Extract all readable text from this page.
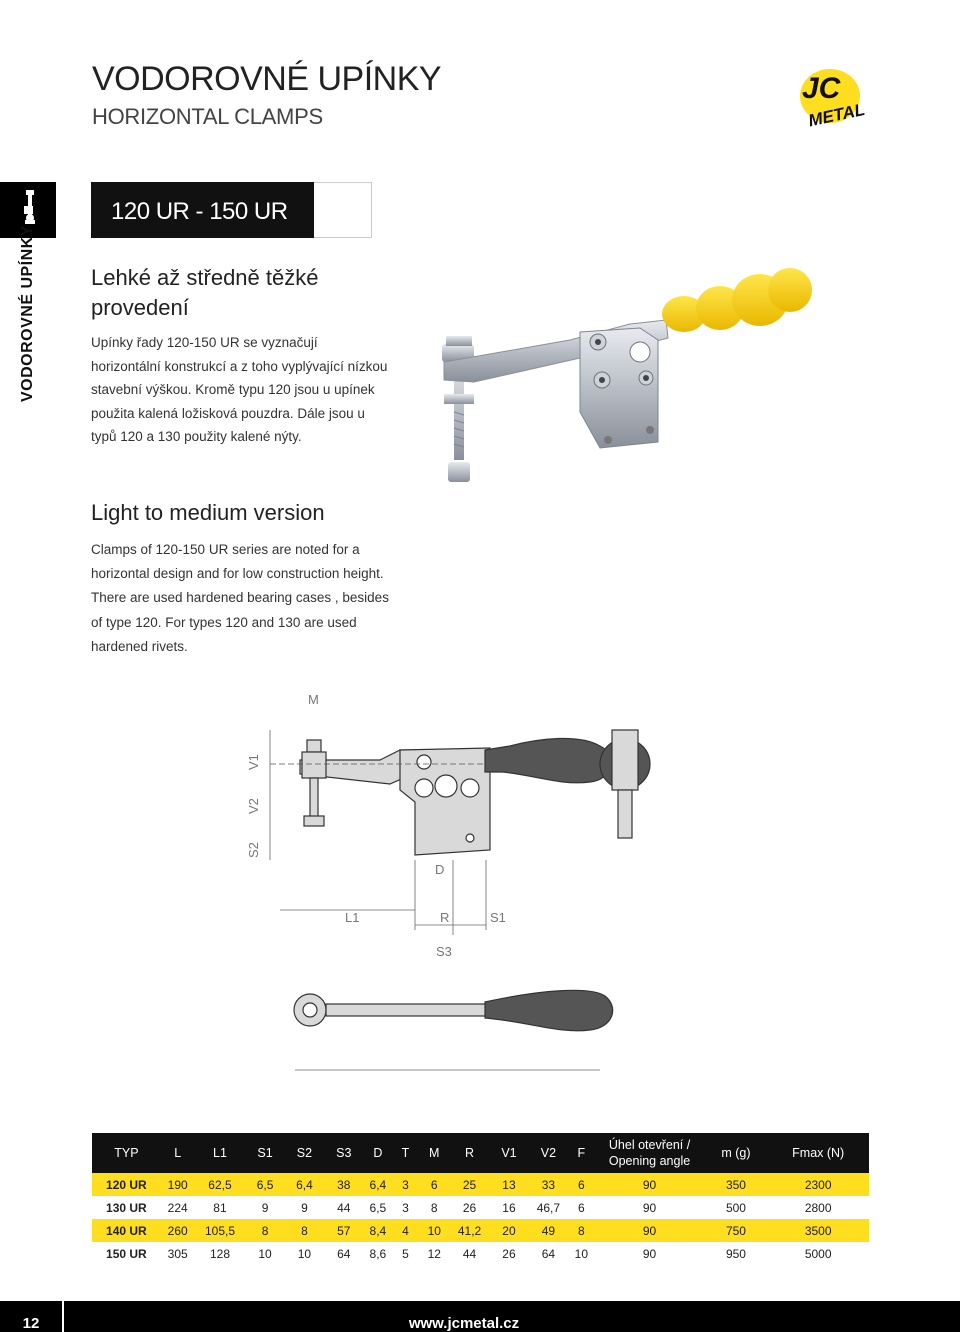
VODOROVNÉ UPÍNKY
HORIZONTAL CLAMPS
JC
METAL
VODOROVNÉ UPÍNKY
120 UR - 150 UR
Lehké až středně těžké provedení
Upínky řady 120-150 UR se vyznačují horizontální konstrukcí a z toho vyplývající nízkou stavební výškou. Kromě typu 120 jsou u upínek použita kalená ložisková pouzdra. Dále jsou u typů 120 a 130 použity kalené nýty.
Light to medium version
Clamps of 120-150 UR series are noted for a horizontal design and for low construction height. There are used hardened bearing cases , besides of type 120. For types 120 and 130 are used hardened rivets.
M
V1
V2
S2
D
L1	R	S1
S3
TYP	L	L1	S1	S2	S3	D	T	M	R	V1	V2	F	Úhel otevření / Opening angle	m (g)	Fmax (N)
120 UR	190	62,5	6,5	6,4	38	6,4	3	6	25	13	33	6	90	350	2300
130 UR	224	81	9	9	44	6,5	3	8	26	16	46,7	6	90	500	2800
140 UR	260	105,5	8	8	57	8,4	4	10	41,2	20	49	8	90	750	3500
150 UR	305	128	10	10	64	8,6	5	12	44	26	64	10	90	950	5000
12	www.jcmetal.cz
